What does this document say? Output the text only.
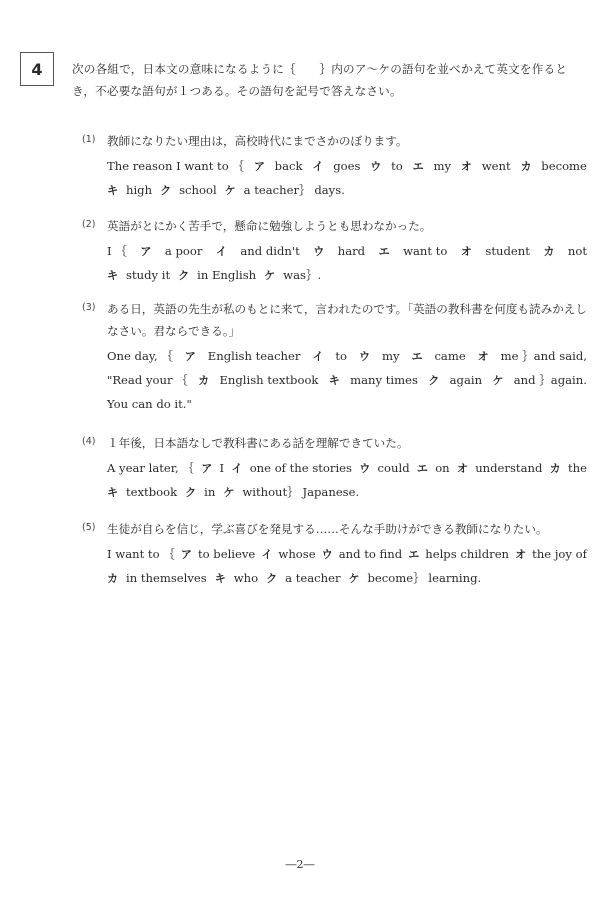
4	次の各組で，日本文の意味になるように｛　　｝内のア～ケの語句を並べかえて英文を作るとき，不必要な語句が１つある。その語句を記号で答えなさい。
(1) 教師になりたい理由は，高校時代にまでさかのぼります。
The reason I want to ｛ ア back イ goes ウ to エ my オ went カ become
キ high ク school ケ a teacher｝ days.
(2) 英語がとにかく苦手で，懸命に勉強しようとも思わなかった。
I ｛ ア a poor イ and didn't ウ hard エ want to オ student カ not
キ study it ク in English ケ was｝.
(3) ある日，英語の先生が私のもとに来て，言われたのです。「英語の教科書を何度も読みかえしなさい。君ならできる。」
One day, ｛ ア English teacher イ to ウ my エ came オ me ｝and said,
"Read your ｛ カ English textbook キ many times ク again ケ and ｝again.
You can do it."
(4) １年後，日本語なしで教科書にある話を理解できていた。
A year later, ｛ ア I イ one of the stories ウ could エ on オ understand カ the
キ textbook ク in ケ without｝ Japanese.
(5) 生徒が自らを信じ，学ぶ喜びを発見する……そんな手助けができる教師になりたい。
I want to ｛ ア to believe イ whose ウ and to find エ helps children オ the joy of
カ in themselves キ who ク a teacher ケ become｝ learning.
―2―
